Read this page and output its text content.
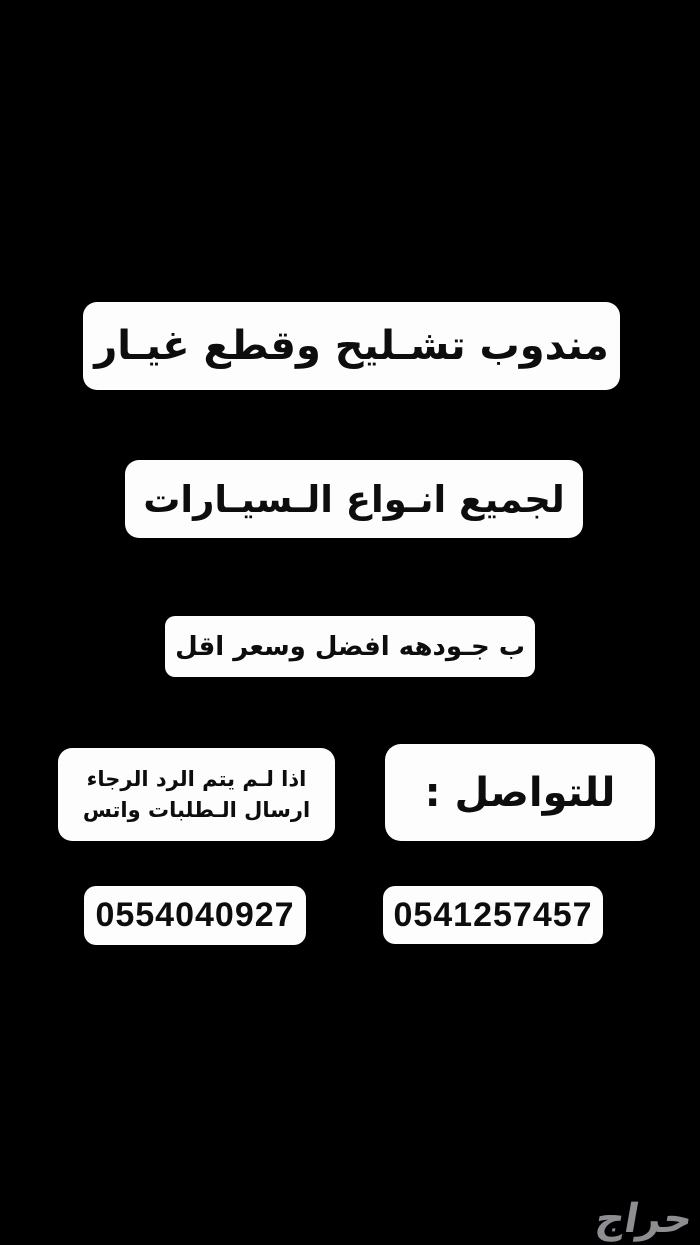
مندوب تشـليح وقطع غيـار
لجميع انـواع الـسيـارات
ب جـودهه افضل وسعر اقل
اذا لـم يتم الرد الرجاء
ارسال الـطلبات واتس	للتواصل :
0554040927	0541257457
حراج
